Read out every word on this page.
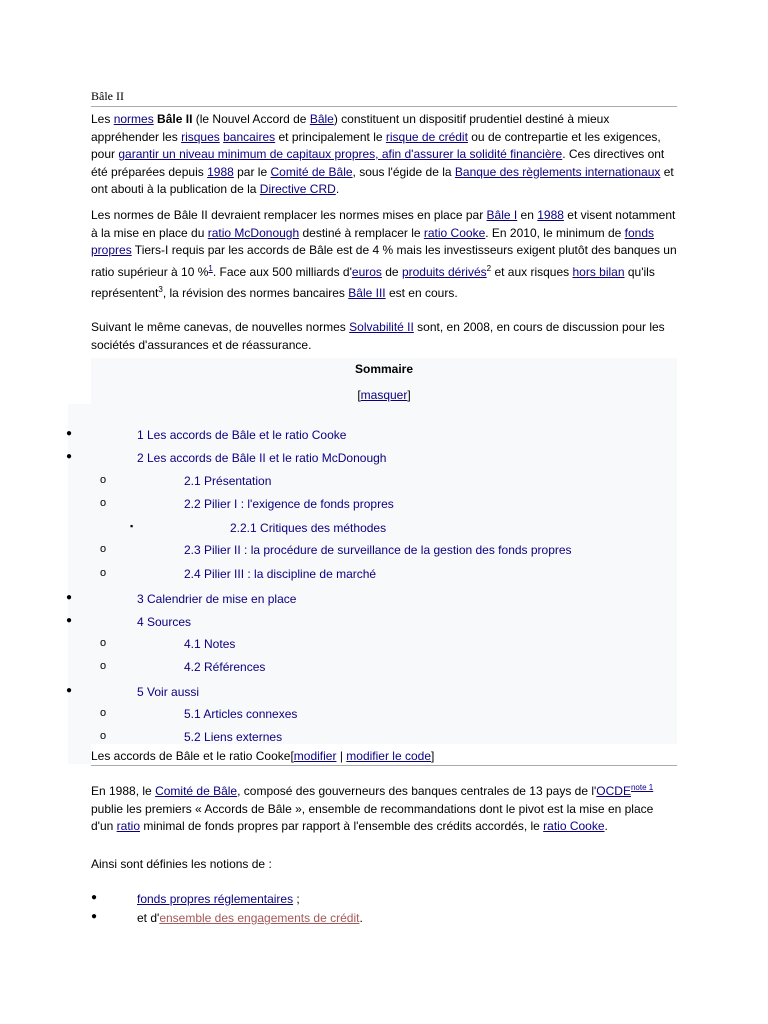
Bâle II

Les normes Bâle II (le Nouvel Accord de Bâle) constituent un dispositif prudentiel destiné à mieux appréhender les risques bancaires et principalement le risque de crédit ou de contrepartie et les exigences, pour garantir un niveau minimum de capitaux propres, afin d'assurer la solidité financière. Ces directives ont été préparées depuis 1988 par le Comité de Bâle, sous l'égide de la Banque des règlements internationaux et ont abouti à la publication de la Directive CRD.

Les normes de Bâle II devraient remplacer les normes mises en place par Bâle I en 1988 et visent notamment à la mise en place du ratio McDonough destiné à remplacer le ratio Cooke. En 2010, le minimum de fonds propres Tiers-I requis par les accords de Bâle est de 4 % mais les investisseurs exigent plutôt des banques un ratio supérieur à 10 %$^1$. Face aux 500 milliards d'euros de produits dérivés$^2$ et aux risques hors bilan qu'ils représentent$^3$, la révision des normes bancaires Bâle III est en cours.

Suivant le même canevas, de nouvelles normes Solvabilité II sont, en 2008, en cours de discussion pour les sociétés d'assurances et de réassurance.

Sommaire
[masquer]
●	1 Les accords de Bâle et le ratio Cooke
●	2 Les accords de Bâle II et le ratio McDonough
o	2.1 Présentation
o	2.2 Pilier I : l'exigence de fonds propres
▪	2.2.1 Critiques des méthodes
o	2.3 Pilier II : la procédure de surveillance de la gestion des fonds propres
o	2.4 Pilier III : la discipline de marché
●	3 Calendrier de mise en place
●	4 Sources
o	4.1 Notes
o	4.2 Références
●	5 Voir aussi
o	5.1 Articles connexes
o	5.2 Liens externes
Les accords de Bâle et le ratio Cooke[modifier | modifier le code]

En 1988, le Comité de Bâle, composé des gouverneurs des banques centrales de 13 pays de $l'OCDE^{note 1}$ publie les premiers « Accords de Bâle », ensemble de recommandations dont le pivot est la mise en place d'un ratio minimal de fonds propres par rapport à l'ensemble des crédits accordés, le ratio Cooke.

Ainsi sont définies les notions de :

●	fonds propres réglementaires ;
●	et d'ensemble des engagements de crédit.
